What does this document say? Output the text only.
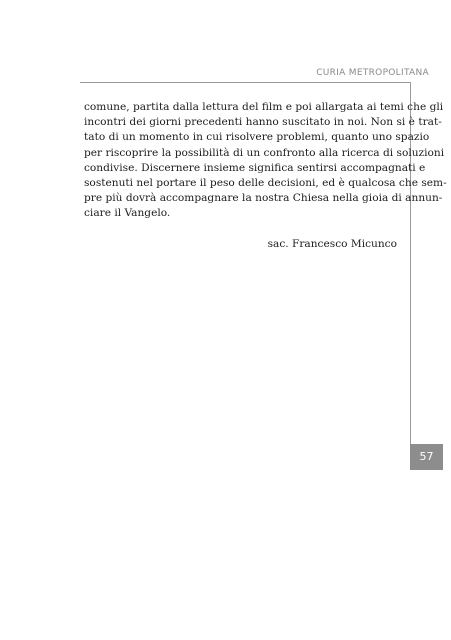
CURIA METROPOLITANA
comune, partita dalla lettura del film e poi allargata ai temi che gli
incontri dei giorni precedenti hanno suscitato in noi. Non si è trat-
tato di un momento in cui risolvere problemi, quanto uno spazio
per riscoprire la possibilità di un confronto alla ricerca di soluzioni
condivise. Discernere insieme significa sentirsi accompagnati e
sostenuti nel portare il peso delle decisioni, ed è qualcosa che sem-
pre più dovrà accompagnare la nostra Chiesa nella gioia di annun-
ciare il Vangelo.
sac. Francesco Micunco
57
